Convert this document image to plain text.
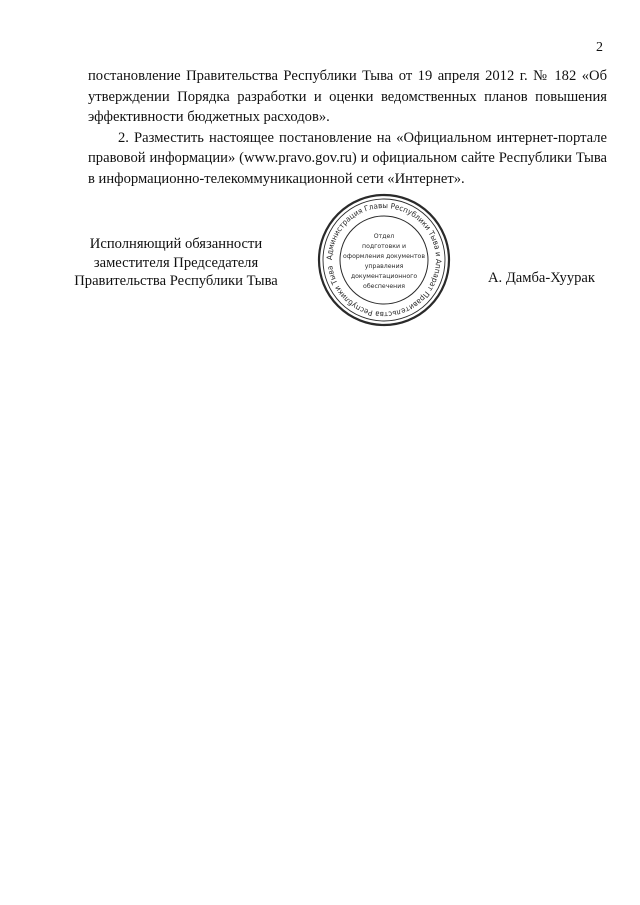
2

постановление Правительства Республики Тыва от 19 апреля 2012 г. № 182 «Об утверждении Порядка разработки и оценки ведомственных планов повышения эффективности бюджетных расходов».

2. Разместить настоящее постановление на «Официальном интернет-портале правовой информации» (www.pravo.gov.ru) и официальном сайте Республики Тыва в информационно-телекоммуникационной сети «Интернет».

Исполняющий обязанности
заместителя Председателя
Правительства Республики Тыва
Администрация Главы Республики Тыва и Аппарат Правительства Республики Тыва
Отдел
подготовки и
оформления документов
управления
документационного
обеспечения
А. Дамба-Хуурак
